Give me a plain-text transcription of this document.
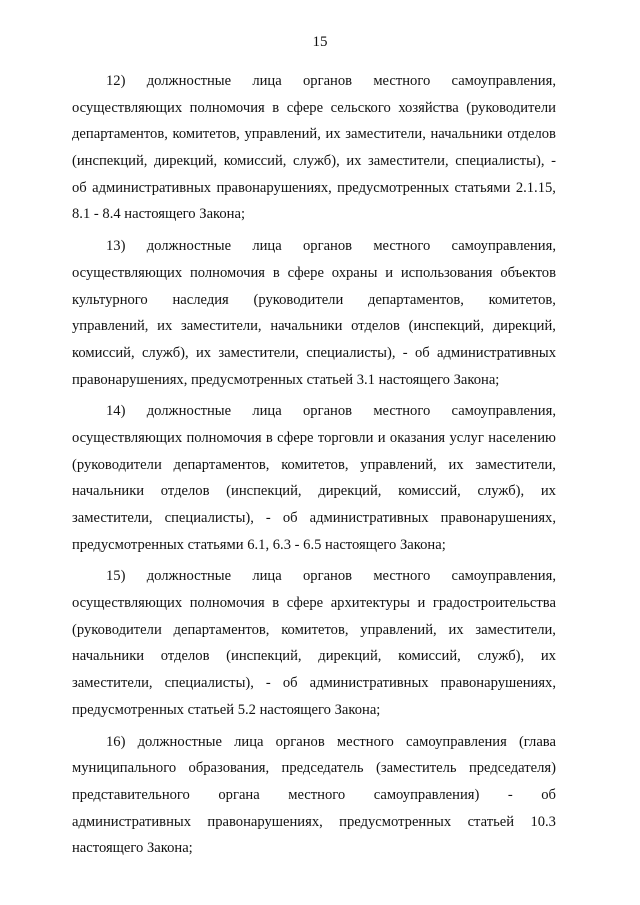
15
12) должностные лица органов местного самоуправления,
осуществляющих полномочия в сфере сельского хозяйства (руководители
департаментов, комитетов, управлений, их заместители, начальники отделов
(инспекций, дирекций, комиссий, служб), их заместители, специалисты), -
об административных правонарушениях, предусмотренных статьями 2.1.15,
8.1 - 8.4 настоящего Закона;
13) должностные лица органов местного самоуправления,
осуществляющих полномочия в сфере охраны и использования объектов
культурного наследия (руководители департаментов, комитетов,
управлений, их заместители, начальники отделов (инспекций, дирекций,
комиссий, служб), их заместители, специалисты), - об административных
правонарушениях, предусмотренных статьей 3.1 настоящего Закона;
14) должностные лица органов местного самоуправления,
осуществляющих полномочия в сфере торговли и оказания услуг населению
(руководители департаментов, комитетов, управлений, их заместители,
начальники отделов (инспекций, дирекций, комиссий, служб), их
заместители, специалисты), - об административных правонарушениях,
предусмотренных статьями 6.1, 6.3 - 6.5 настоящего Закона;
15) должностные лица органов местного самоуправления,
осуществляющих полномочия в сфере архитектуры и градостроительства
(руководители департаментов, комитетов, управлений, их заместители,
начальники отделов (инспекций, дирекций, комиссий, служб), их
заместители, специалисты), - об административных правонарушениях,
предусмотренных статьей 5.2 настоящего Закона;
16) должностные лица органов местного самоуправления (глава
муниципального образования, председатель (заместитель председателя)
представительного органа местного самоуправления) - об
административных правонарушениях, предусмотренных статьей 10.3
настоящего Закона;
